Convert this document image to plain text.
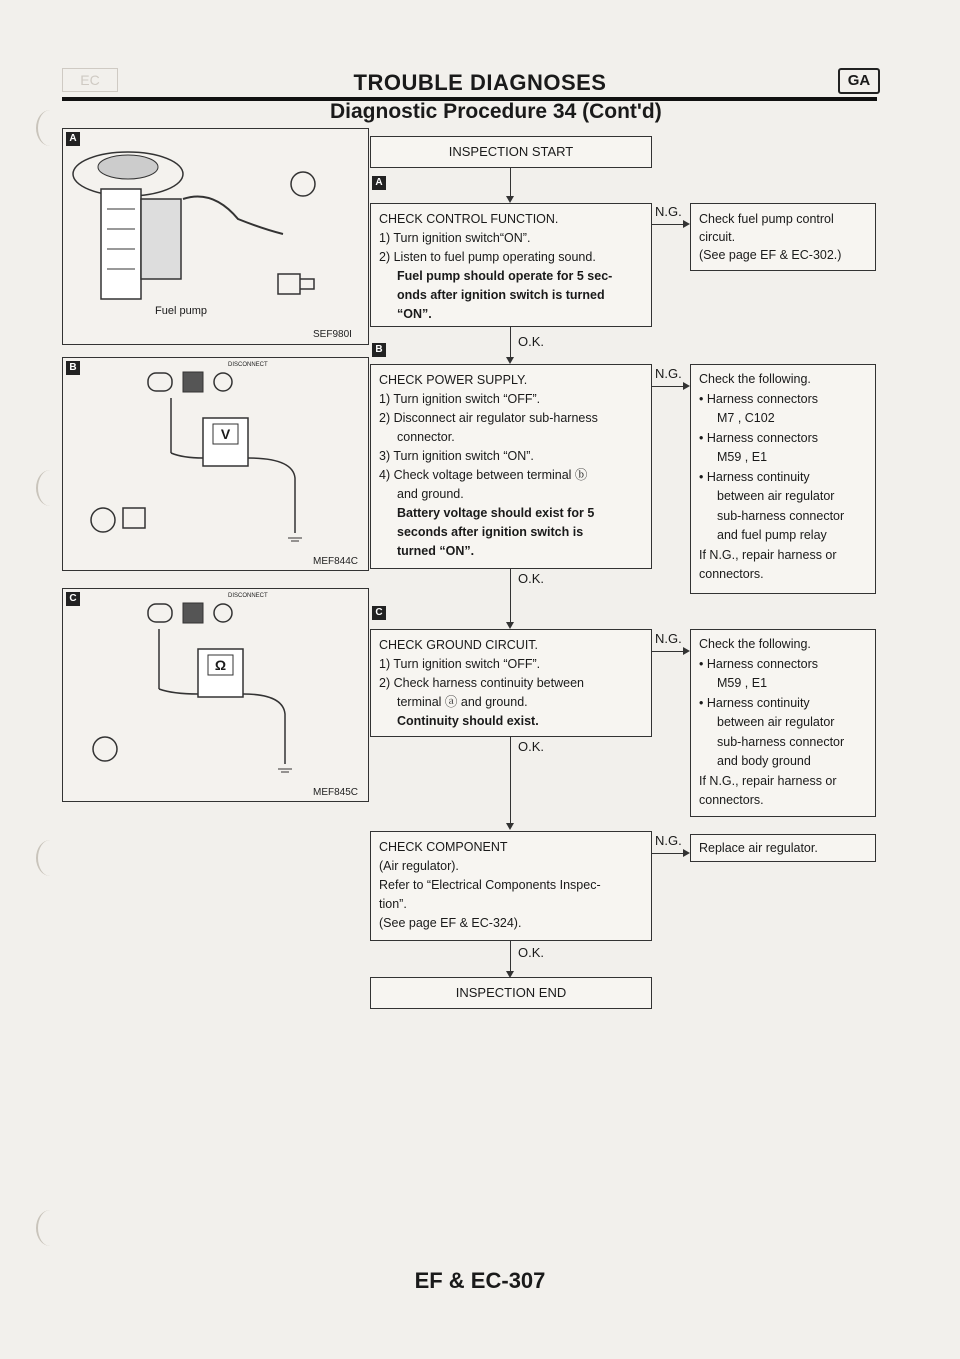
EC	TROUBLE DIAGNOSES	GA
Diagnostic Procedure 34 (Cont'd)
A
Fuel pump
SEF980I
B	DISCONNECT
V
MEF844C
C	DISCONNECT
Ω
MEF845C
INSPECTION START
A
CHECK CONTROL FUNCTION.
1) Turn ignition switch“ON”.
2) Listen to fuel pump operating sound.
Fuel pump should operate for 5 sec-
onds after ignition switch is turned
“ON”.
N.G. Check fuel pump control
circuit.
(See page EF & EC-302.)
O.K.
B
CHECK POWER SUPPLY.
1) Turn ignition switch “OFF”.
2) Disconnect air regulator sub-harness
connector.
3) Turn ignition switch “ON”.
4) Check voltage between terminal ⓑ
and ground.
Battery voltage should exist for 5
seconds after ignition switch is
turned “ON”.
N.G. Check the following.
• Harness connectors
M7 , C102
• Harness connectors
M59 , E1
• Harness continuity
between air regulator
sub-harness connector
and fuel pump relay
If N.G., repair harness or
connectors.
O.K.
C
CHECK GROUND CIRCUIT.
1) Turn ignition switch “OFF”.
2) Check harness continuity between
terminal ⓐ and ground.
Continuity should exist.
N.G. Check the following.
• Harness connectors
M59 , E1
• Harness continuity
between air regulator
sub-harness connector
and body ground
If N.G., repair harness or
connectors.
O.K.
CHECK COMPONENT
(Air regulator).
Refer to “Electrical Components Inspec-
tion”.
(See page EF & EC-324).
N.G. Replace air regulator.
O.K.
INSPECTION END
EF & EC-307
